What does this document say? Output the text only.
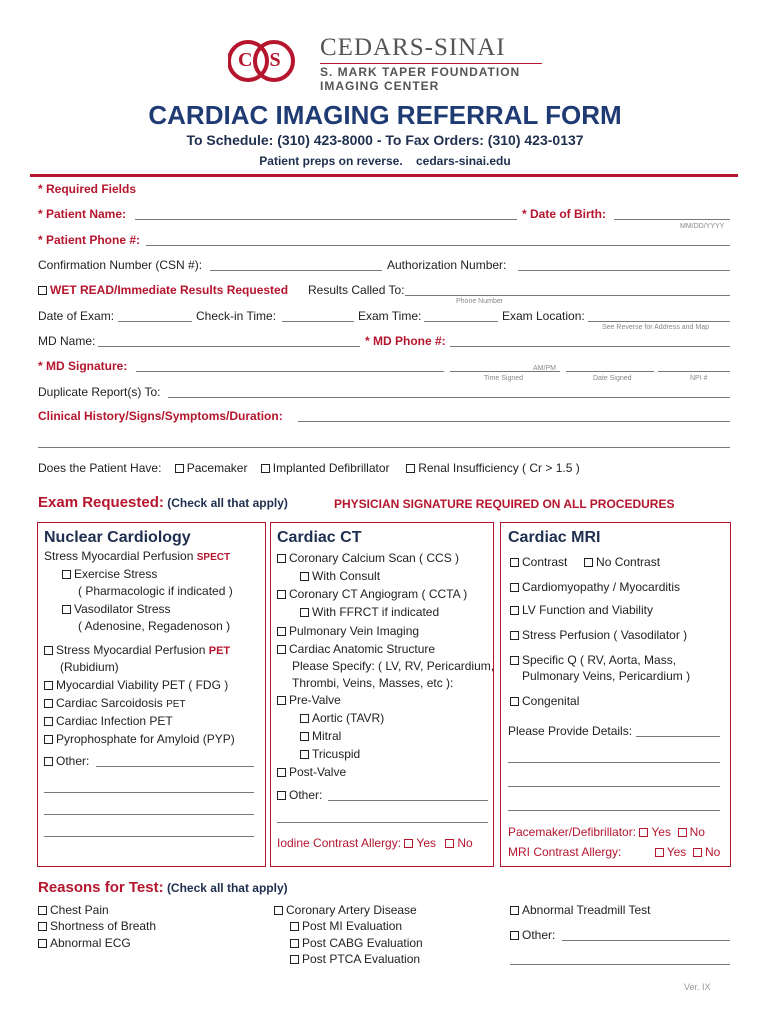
C S CEDARS-SINAI
S. MARK TAPER FOUNDATION
IMAGING CENTER
CARDIAC IMAGING REFERRAL FORM
To Schedule: (310) 423-8000 - To Fax Orders: (310) 423-0137
Patient preps on reverse. cedars-sinai.edu
* Required Fields
* Patient Name:	* Date of Birth:
MM/DD/YYYY
* Patient Phone #:
Confirmation Number (CSN #):	Authorization Number:
WET READ/Immediate Results Requested Results Called To:
Phone Number
Date of Exam:	Check-in Time:	Exam Time:	Exam Location:
See Reverse for Address and Map
MD Name:	* MD Phone #:
* MD Signature:	AM/PM
Time Signed	Date Signed	NPI #
Duplicate Report(s) To:
Clinical History/Signs/Symptoms/Duration:
Does the Patient Have: Pacemaker Implanted Defibrillator Renal Insufficiency ( Cr > 1.5 )
Exam Requested: (Check all that apply)	PHYSICIAN SIGNATURE REQUIRED ON ALL PROCEDURES
Nuclear Cardiology
Stress Myocardial Perfusion SPECT
Exercise Stress
( Pharmacologic if indicated )
Vasodilator Stress
( Adenosine, Regadenoson )
Stress Myocardial Perfusion PET
(Rubidium)
Myocardial Viability PET ( FDG )
Cardiac Sarcoidosis PET
Cardiac Infection PET
Pyrophosphate for Amyloid (PYP)
Other:
Cardiac CT
Coronary Calcium Scan ( CCS )
With Consult
Coronary CT Angiogram ( CCTA )
With FFRCT if indicated
Pulmonary Vein Imaging
Cardiac Anatomic Structure
Please Specify: ( LV, RV, Pericardium,
Thrombi, Veins, Masses, etc ):
Pre-Valve
Aortic (TAVR)
Mitral
Tricuspid
Post-Valve
Other:
Iodine Contrast Allergy: Yes No
Cardiac MRI
Contrast No Contrast
Cardiomyopathy / Myocarditis
LV Function and Viability
Stress Perfusion ( Vasodilator )
Specific Q ( RV, Aorta, Mass,
Pulmonary Veins, Pericardium )
Congenital
Please Provide Details:
Pacemaker/Defibrillator: Yes No
MRI Contrast Allergy:	Yes No
Reasons for Test: (Check all that apply)
Chest Pain
Shortness of Breath
Abnormal ECG
Coronary Artery Disease
Post MI Evaluation
Post CABG Evaluation
Post PTCA Evaluation
Abnormal Treadmill Test
Other:
Ver. IX
